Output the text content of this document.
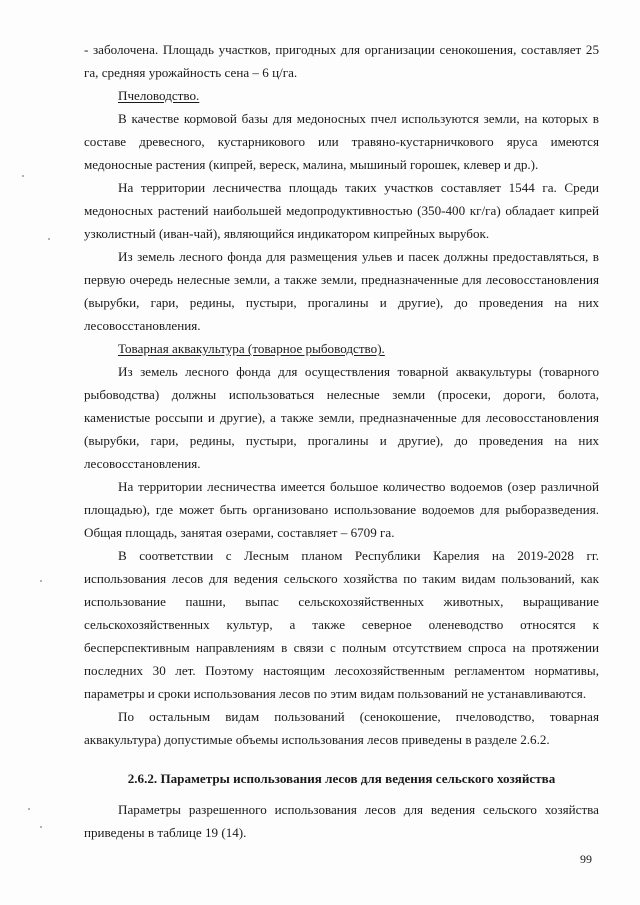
- заболочена. Площадь участков, пригодных для организации сенокошения, составляет 25 га, средняя урожайность сена – 6 ц/га.

Пчеловодство.

В качестве кормовой базы для медоносных пчел используются земли, на которых в составе древесного, кустарникового или травяно-кустарничкового яруса имеются медоносные растения (кипрей, вереск, малина, мышиный горошек, клевер и др.).

На территории лесничества площадь таких участков составляет 1544 га. Среди медоносных растений наибольшей медопродуктивностью (350-400 кг/га) обладает кипрей узколистный (иван-чай), являющийся индикатором кипрейных вырубок.

Из земель лесного фонда для размещения ульев и пасек должны предоставляться, в первую очередь нелесные земли, а также земли, предназначенные для лесовосстановления (вырубки, гари, редины, пустыри, прогалины и другие), до проведения на них лесовосстановления.

Товарная аквакультура (товарное рыбоводство).

Из земель лесного фонда для осуществления товарной аквакультуры (товарного рыбоводства) должны использоваться нелесные земли (просеки, дороги, болота, каменистые россыпи и другие), а также земли, предназначенные для лесовосстановления (вырубки, гари, редины, пустыри, прогалины и другие), до проведения на них лесовосстановления.

На территории лесничества имеется большое количество водоемов (озер различной площадью), где может быть организовано использование водоемов для рыборазведения. Общая площадь, занятая озерами, составляет – 6709 га.

В соответствии с Лесным планом Республики Карелия на 2019-2028 гг. использования лесов для ведения сельского хозяйства по таким видам пользований, как использование пашни, выпас сельскохозяйственных животных, выращивание сельскохозяйственных культур, а также северное оленеводство относятся к бесперспективным направлениям в связи с полным отсутствием спроса на протяжении последних 30 лет. Поэтому настоящим лесохозяйственным регламентом нормативы, параметры и сроки использования лесов по этим видам пользований не устанавливаются.

По остальным видам пользований (сенокошение, пчеловодство, товарная аквакультура) допустимые объемы использования лесов приведены в разделе 2.6.2.

2.6.2. Параметры использования лесов для ведения сельского хозяйства

Параметры разрешенного использования лесов для ведения сельского хозяйства приведены в таблице 19 (14).

99
